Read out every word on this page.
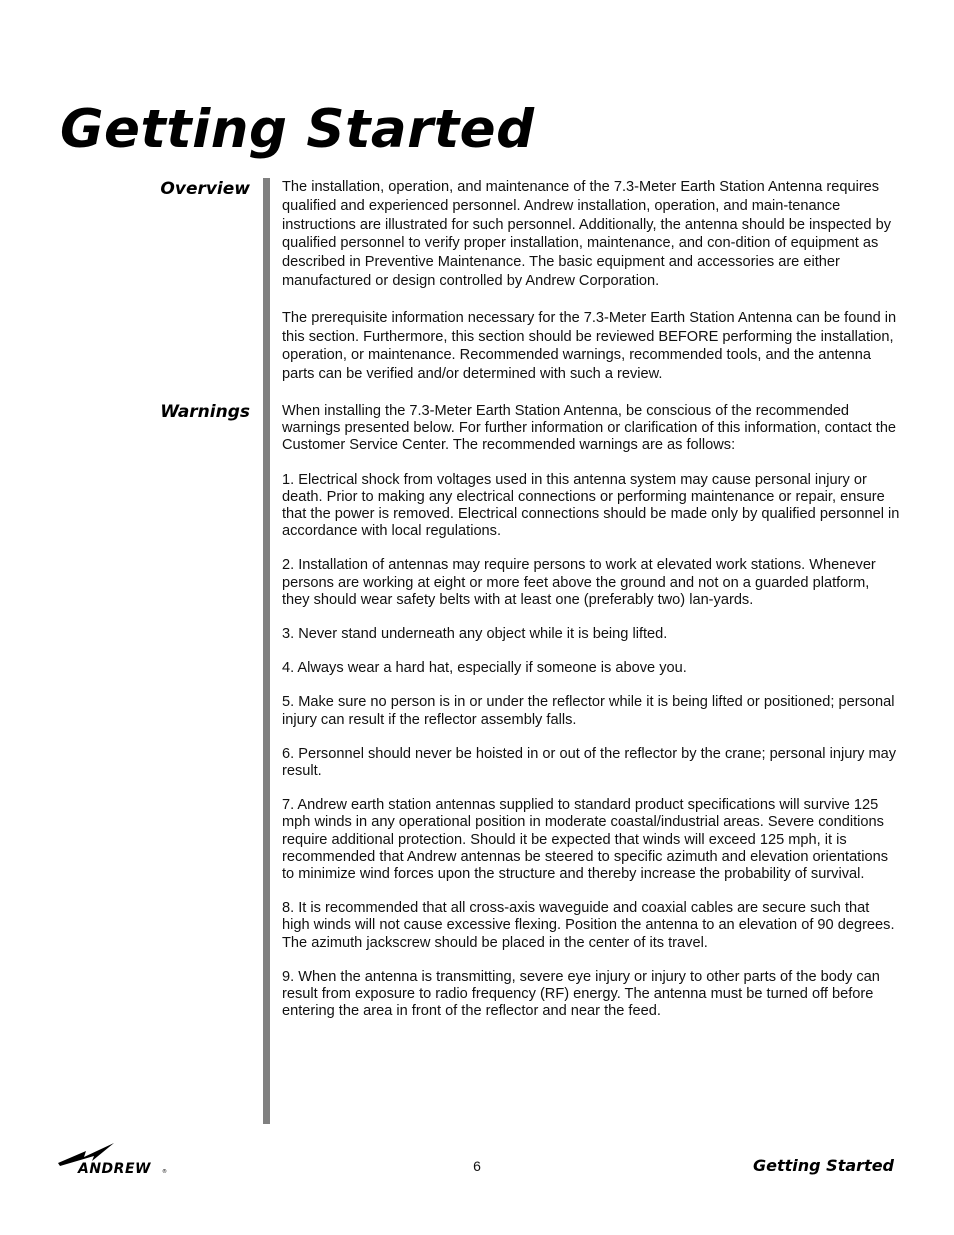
Getting Started
Overview The installation, operation, and maintenance of the 7.3-Meter Earth Station Antenna requires qualified and experienced personnel. Andrew installation, operation, and main-tenance instructions are illustrated for such personnel. Additionally, the antenna should be inspected by qualified personnel to verify proper installation, maintenance, and con-dition of equipment as described in Preventive Maintenance. The basic equipment and accessories are either manufactured or design controlled by Andrew Corporation.

The prerequisite information necessary for the 7.3-Meter Earth Station Antenna can be found in this section. Furthermore, this section should be reviewed BEFORE performing the installation, operation, or maintenance. Recommended warnings, recommended tools, and the antenna parts can be verified and/or determined with such a review.

Warnings When installing the 7.3-Meter Earth Station Antenna, be conscious of the recommended warnings presented below. For further information or clarification of this information, contact the Customer Service Center. The recommended warnings are as follows:

1. Electrical shock from voltages used in this antenna system may cause personal injury or death. Prior to making any electrical connections or performing maintenance or repair, ensure that the power is removed. Electrical connections should be made only by qualified personnel in accordance with local regulations.

2. Installation of antennas may require persons to work at elevated work stations. Whenever persons are working at eight or more feet above the ground and not on a guarded platform, they should wear safety belts with at least one (preferably two) lan-yards.

3. Never stand underneath any object while it is being lifted.

4. Always wear a hard hat, especially if someone is above you.

5. Make sure no person is in or under the reflector while it is being lifted or positioned; personal injury can result if the reflector assembly falls.

6. Personnel should never be hoisted in or out of the reflector by the crane; personal injury may result.

7. Andrew earth station antennas supplied to standard product specifications will survive 125 mph winds in any operational position in moderate coastal/industrial areas. Severe conditions require additional protection. Should it be expected that winds will exceed 125 mph, it is recommended that Andrew antennas be steered to specific azimuth and elevation orientations to minimize wind forces upon the structure and thereby increase the probability of survival.

8. It is recommended that all cross-axis waveguide and coaxial cables are secure such that high winds will not cause excessive flexing. Position the antenna to an elevation of 90 degrees. The azimuth jackscrew should be placed in the center of its travel.

9. When the antenna is transmitting, severe eye injury or injury to other parts of the body can result from exposure to radio frequency (RF) energy. The antenna must be turned off before entering the area in front of the reflector and near the feed.

ANDREW ®	6	Getting Started
